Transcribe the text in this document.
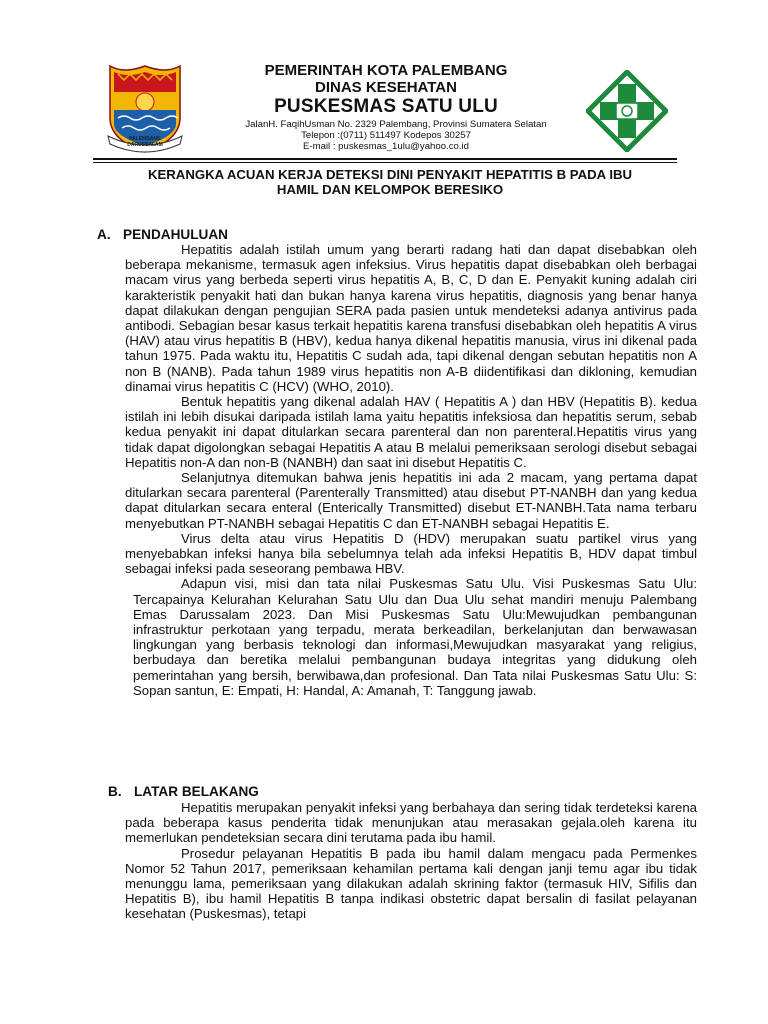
PALEMBANG DARUSSALAM
PEMERINTAH KOTA PALEMBANG
DINAS KESEHATAN
PUSKESMAS SATU ULU
JalanH. FaqihUsman No. 2329 Palembang, Provinsi Sumatera Selatan
Telepon :(0711) 511497 Kodepos 30257
E-mail : puskesmas_1ulu@yahoo.co.id
KERANGKA ACUAN KERJA DETEKSI DINI PENYAKIT HEPATITIS B PADA IBU
HAMIL DAN KELOMPOK BERESIKO
A. PENDAHULUAN

Hepatitis adalah istilah umum yang berarti radang hati dan dapat disebabkan oleh beberapa mekanisme, termasuk agen infeksius. Virus hepatitis dapat disebabkan oleh berbagai macam virus yang berbeda seperti virus hepatitis A, B, C, D dan E. Penyakit kuning adalah ciri karakteristik penyakit hati dan bukan hanya karena virus hepatitis, diagnosis yang benar hanya dapat dilakukan dengan pengujian SERA pada pasien untuk mendeteksi adanya antivirus pada antibodi. Sebagian besar kasus terkait hepatitis karena transfusi disebabkan oleh hepatitis A virus (HAV) atau virus hepatitis B (HBV), kedua hanya dikenal hepatitis manusia, virus ini dikenal pada tahun 1975. Pada waktu itu, Hepatitis C sudah ada, tapi dikenal dengan sebutan hepatitis non A non B (NANB). Pada tahun 1989 virus hepatitis non A-B diidentifikasi dan dikloning, kemudian dinamai virus hepatitis C (HCV) (WHO, 2010).

Bentuk hepatitis yang dikenal adalah HAV ( Hepatitis A ) dan HBV (Hepatitis B). kedua istilah ini lebih disukai daripada istilah lama yaitu hepatitis infeksiosa dan hepatitis serum, sebab kedua penyakit ini dapat ditularkan secara parenteral dan non parenteral.Hepatitis virus yang tidak dapat digolongkan sebagai Hepatitis A atau B melalui pemeriksaan serologi disebut sebagai Hepatitis non-A dan non-B (NANBH) dan saat ini disebut Hepatitis C.

Selanjutnya ditemukan bahwa jenis hepatitis ini ada 2 macam, yang pertama dapat ditularkan secara parenteral (Parenterally Transmitted) atau disebut PT-NANBH dan yang kedua dapat ditularkan secara enteral (Enterically Transmitted) disebut ET-NANBH.Tata nama terbaru menyebutkan PT-NANBH sebagai Hepatitis C dan ET-NANBH sebagai Hepatitis E.

Virus delta atau virus Hepatitis D (HDV) merupakan suatu partikel virus yang menyebabkan infeksi hanya bila sebelumnya telah ada infeksi Hepatitis B, HDV dapat timbul sebagai infeksi pada seseorang pembawa HBV.

Adapun visi, misi dan tata nilai Puskesmas Satu Ulu. Visi Puskesmas Satu Ulu: Tercapainya Kelurahan Kelurahan Satu Ulu dan Dua Ulu sehat mandiri menuju Palembang Emas Darussalam 2023. Dan Misi Puskesmas Satu Ulu:Mewujudkan pembangunan infrastruktur perkotaan yang terpadu, merata berkeadilan, berkelanjutan dan berwawasan lingkungan yang berbasis teknologi dan informasi,Mewujudkan masyarakat yang religius, berbudaya dan beretika melalui pembangunan budaya integritas yang didukung oleh pemerintahan yang bersih, berwibawa,dan profesional. Dan Tata nilai Puskesmas Satu Ulu: S: Sopan santun, E: Empati, H: Handal, A: Amanah, T: Tanggung jawab.

B. LATAR BELAKANG

Hepatitis merupakan penyakit infeksi yang berbahaya dan sering tidak terdeteksi karena pada beberapa kasus penderita tidak menunjukan atau merasakan gejala.oleh karena itu memerlukan pendeteksian secara dini terutama pada ibu hamil.

Prosedur pelayanan Hepatitis B pada ibu hamil dalam mengacu pada Permenkes Nomor 52 Tahun 2017, pemeriksaan kehamilan pertama kali dengan janji temu agar ibu tidak menunggu lama, pemeriksaan yang dilakukan adalah skrining faktor (termasuk HIV, Sifilis dan Hepatitis B), ibu hamil Hepatitis B tanpa indikasi obstetric dapat bersalin di fasilat pelayanan kesehatan (Puskesmas), tetapi
